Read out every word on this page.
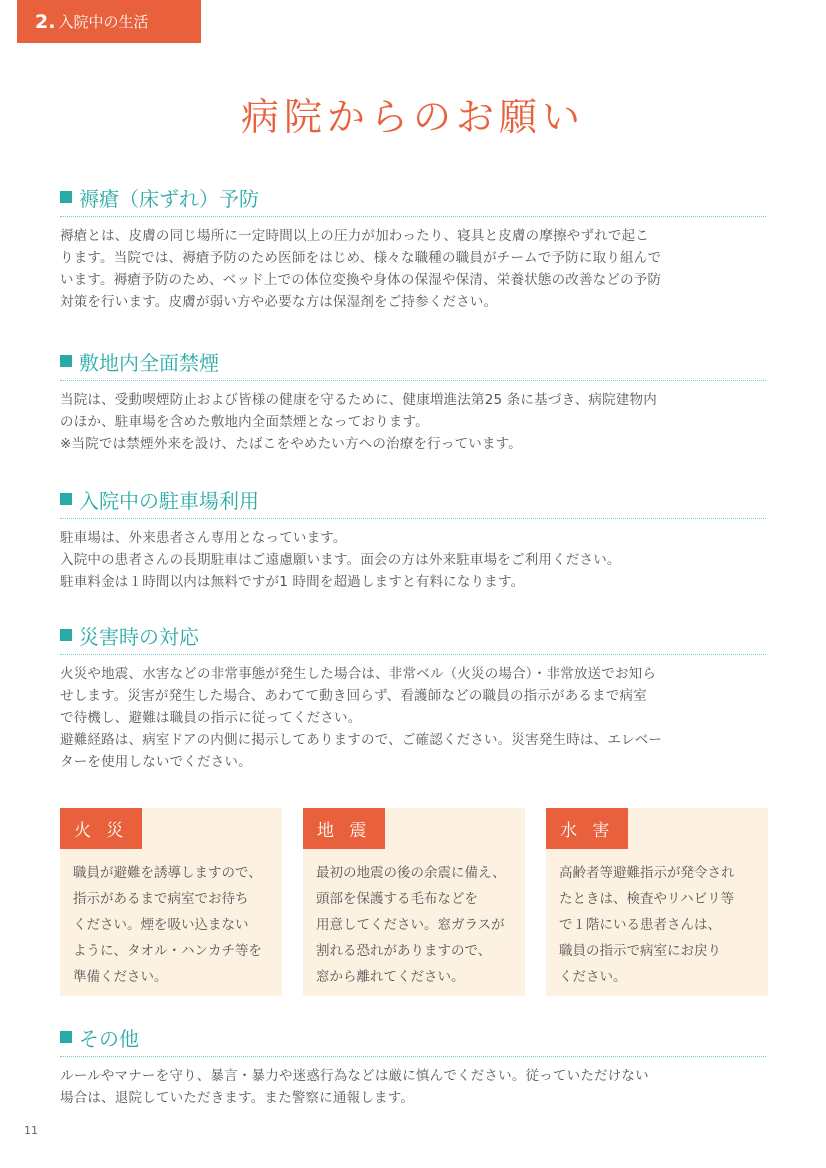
2. 入院中の生活
病院からのお願い
褥瘡（床ずれ）予防

褥瘡とは、皮膚の同じ場所に一定時間以上の圧力が加わったり、寝具と皮膚の摩擦やずれで起こ

ります。当院では、褥瘡予防のため医師をはじめ、様々な職種の職員がチームで予防に取り組んで

います。褥瘡予防のため、ベッド上での体位変換や身体の保湿や保清、栄養状態の改善などの予防

対策を行います。皮膚が弱い方や必要な方は保湿剤をご持参ください。

敷地内全面禁煙

当院は、受動喫煙防止および皆様の健康を守るために、健康増進法第25 条に基づき、病院建物内

のほか、駐車場を含めた敷地内全面禁煙となっております。

※当院では禁煙外来を設け、たばこをやめたい方への治療を行っています。

入院中の駐車場利用

駐車場は、外来患者さん専用となっています。

入院中の患者さんの長期駐車はご遠慮願います。面会の方は外来駐車場をご利用ください。

駐車料金は１時間以内は無料ですが1 時間を超過しますと有料になります。

災害時の対応

火災や地震、水害などの非常事態が発生した場合は、非常ベル（火災の場合）・非常放送でお知ら

せします。災害が発生した場合、あわてて動き回らず、看護師などの職員の指示があるまで病室

で待機し、避難は職員の指示に従ってください。

避難経路は、病室ドアの内側に掲示してありますので、ご確認ください。災害発生時は、エレベー

ターを使用しないでください。

火 災

職員が避難を誘導しますので、

指示があるまで病室でお待ち

ください。煙を吸い込まない

ように、タオル・ハンカチ等を

準備ください。

地 震

最初の地震の後の余震に備え、

頭部を保護する毛布などを

用意してください。窓ガラスが

割れる恐れがありますので、

窓から離れてください。

水 害

高齢者等避難指示が発令され

たときは、検査やリハビリ等

で１階にいる患者さんは、

職員の指示で病室にお戻り

ください。

その他

ルールやマナーを守り、暴言・暴力や迷惑行為などは厳に慎んでください。従っていただけない

場合は、退院していただきます。また警察に通報します。

11
